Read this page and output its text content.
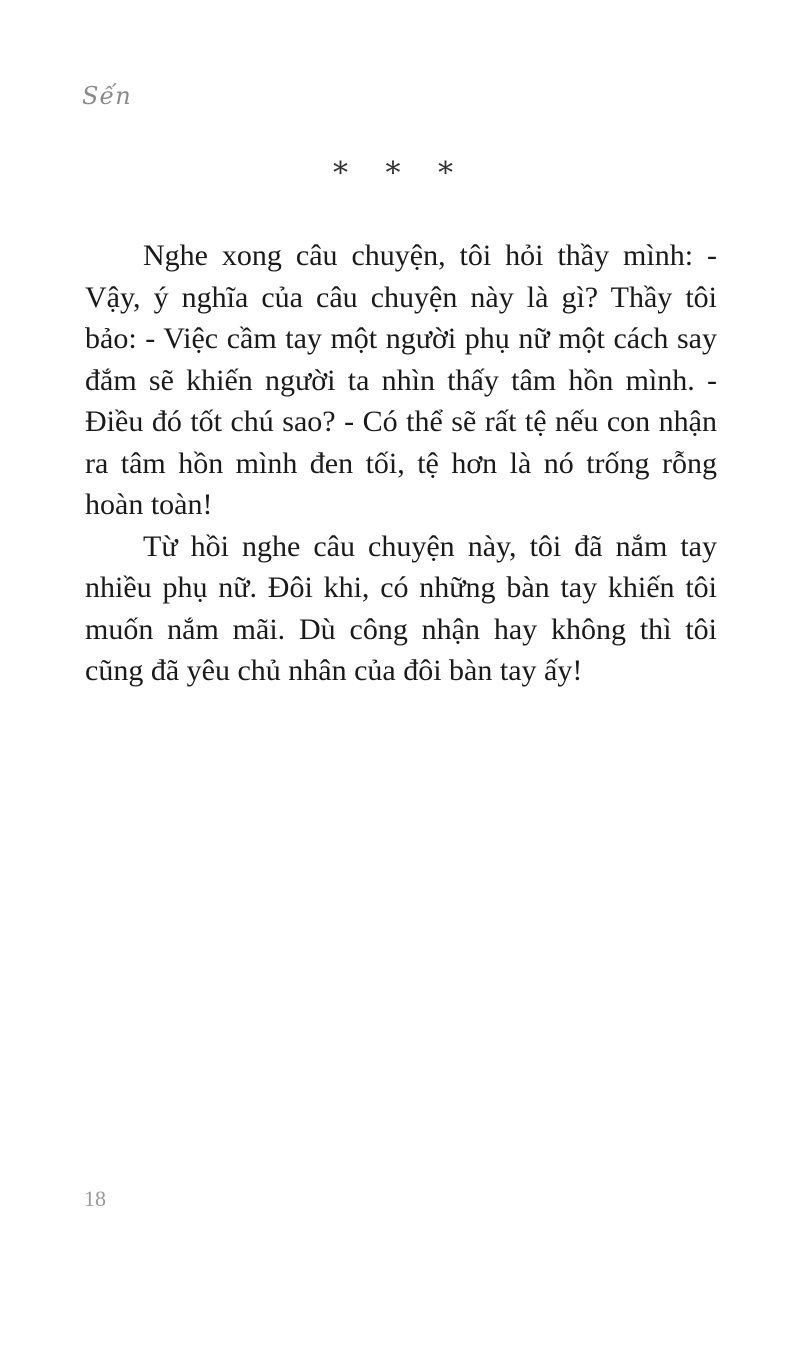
Sến
* * *

Nghe xong câu chuyện, tôi hỏi thầy mình: - Vậy, ý nghĩa của câu chuyện này là gì? Thầy tôi bảo: - Việc cầm tay một người phụ nữ một cách say đắm sẽ khiến người ta nhìn thấy tâm hồn mình. - Điều đó tốt chú sao? - Có thể sẽ rất tệ nếu con nhận ra tâm hồn mình đen tối, tệ hơn là nó trống rỗng hoàn toàn!

Từ hồi nghe câu chuyện này, tôi đã nắm tay nhiều phụ nữ. Đôi khi, có những bàn tay khiến tôi muốn nắm mãi. Dù công nhận hay không thì tôi cũng đã yêu chủ nhân của đôi bàn tay ấy!

18
